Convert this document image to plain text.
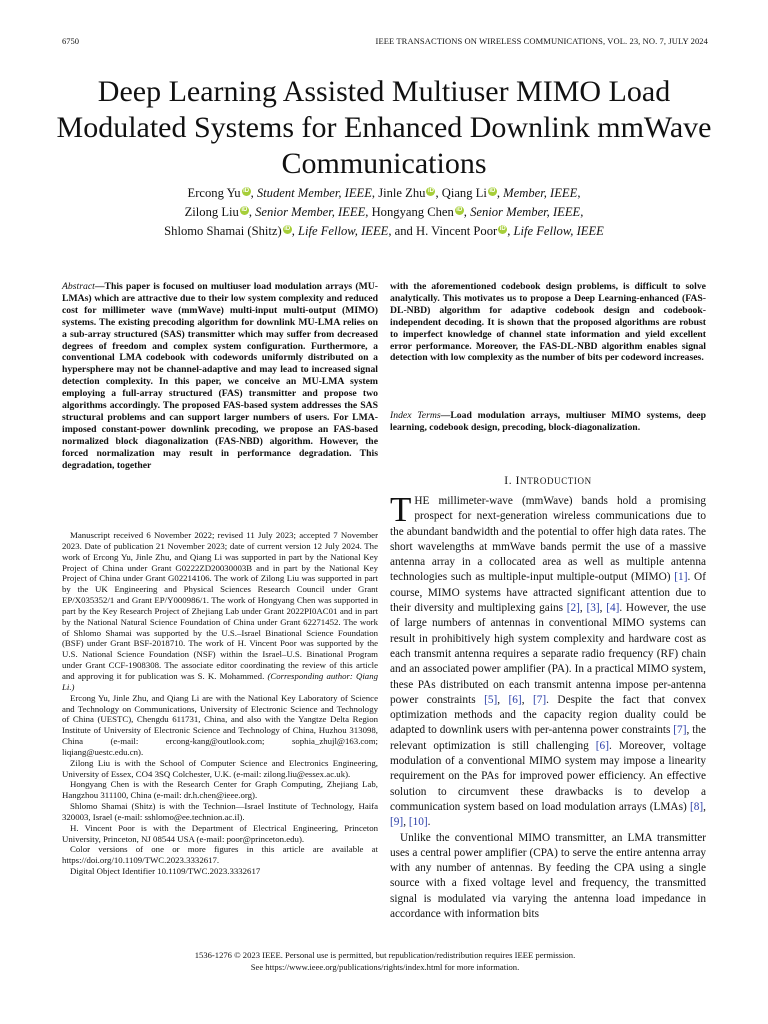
6750	IEEE TRANSACTIONS ON WIRELESS COMMUNICATIONS, VOL. 23, NO. 7, JULY 2024
Deep Learning Assisted Multiuser MIMO Load Modulated Systems for Enhanced Downlink mmWave Communications
Ercong Yu iD , Student Member, IEEE, Jinle Zhu iD , Qiang Li iD , Member, IEEE,
Zilong Liu iD , Senior Member, IEEE, Hongyang Chen iD , Senior Member, IEEE,
Shlomo Shamai (Shitz) iD , Life Fellow, IEEE, and H. Vincent Poor iD , Life Fellow, IEEE
Abstract—This paper is focused on multiuser load modulation arrays (MU-LMAs) which are attractive due to their low system complexity and reduced cost for millimeter wave (mmWave) multi-input multi-output (MIMO) systems. The existing precoding algorithm for downlink MU-LMA relies on a sub-array structured (SAS) transmitter which may suffer from decreased degrees of freedom and complex system configuration. Furthermore, a conventional LMA codebook with codewords uniformly distributed on a hypersphere may not be channel-adaptive and may lead to increased signal detection complexity. In this paper, we conceive an MU-LMA system employing a full-array structured (FAS) transmitter and propose two algorithms accordingly. The proposed FAS-based system addresses the SAS structural problems and can support larger numbers of users. For LMA-imposed constant-power downlink precoding, we propose an FAS-based normalized block diagonalization (FAS-NBD) algorithm. However, the forced normalization may result in performance degradation. This degradation, together
with the aforementioned codebook design problems, is difficult to solve analytically. This motivates us to propose a Deep Learning-enhanced (FAS-DL-NBD) algorithm for adaptive codebook design and codebook-independent decoding. It is shown that the proposed algorithms are robust to imperfect knowledge of channel state information and yield excellent error performance. Moreover, the FAS-DL-NBD algorithm enables signal detection with low complexity as the number of bits per codeword increases.
Index Terms—Load modulation arrays, multiuser MIMO systems, deep learning, codebook design, precoding, block-diagonalization.
I. INTRODUCTION

THE millimeter-wave (mmWave) bands hold a promising prospect for next-generation wireless communications due to the abundant bandwidth and the potential to offer high data rates. The short wavelengths at mmWave bands permit the use of a massive antenna array in a collocated area as well as multiple antenna technologies such as multiple-input multiple-output (MIMO) [1]. Of course, MIMO systems have attracted significant attention due to their diversity and multiplexing gains [2], [3], [4]. However, the use of large numbers of antennas in conventional MIMO systems can result in prohibitively high system complexity and hardware cost as each transmit antenna requires a separate radio frequency (RF) chain and an associated power amplifier (PA). In a practical MIMO system, these PAs distributed on each transmit antenna impose per-antenna power constraints [5], [6], [7]. Despite the fact that convex optimization methods and the capacity region duality could be adapted to downlink users with per-antenna power constraints [7], the relevant optimization is still challenging [6]. Moreover, voltage modulation of a conventional MIMO system may impose a linearity requirement on the PAs for improved power efficiency. An effective solution to circumvent these drawbacks is to develop a communication system based on load modulation arrays (LMAs) [8], [9], [10].

Unlike the conventional MIMO transmitter, an LMA transmitter uses a central power amplifier (CPA) to serve the entire antenna array with any number of antennas. By feeding the CPA using a single source with a fixed voltage level and frequency, the transmitted signal is modulated via varying the antenna load impedance in accordance with information bits

Manuscript received 6 November 2022; revised 11 July 2023; accepted 7 November 2023. Date of publication 21 November 2023; date of current version 12 July 2024. The work of Ercong Yu, Jinle Zhu, and Qiang Li was supported in part by the National Key Project of China under Grant G0222ZD20030003B and in part by the National Key Project of China under Grant G02214106. The work of Zilong Liu was supported in part by the UK Engineering and Physical Sciences Research Council under Grant EP/X035352/1 and Grant EP/Y000986/1. The work of Hongyang Chen was supported in part by the Key Research Project of Zhejiang Lab under Grant 2022PI0AC01 and in part by the National Natural Science Foundation of China under Grant 62271452. The work of Shlomo Shamai was supported by the U.S.–Israel Binational Science Foundation (BSF) under Grant BSF-2018710. The work of H. Vincent Poor was supported by the U.S. National Science Foundation (NSF) within the Israel–U.S. Binational Program under Grant CCF-1908308. The associate editor coordinating the review of this article and approving it for publication was S. K. Mohammed. (Corresponding author: Qiang Li.)

Ercong Yu, Jinle Zhu, and Qiang Li are with the National Key Laboratory of Science and Technology on Communications, University of Electronic Science and Technology of China (UESTC), Chengdu 611731, China, and also with the Yangtze Delta Region Institute of University of Electronic Science and Technology of China, Huzhou 313098, China (e-mail: ercong-kang@outlook.com; sophia_zhujl@163.com; liqiang@uestc.edu.cn).

Zilong Liu is with the School of Computer Science and Electronics Engineering, University of Essex, CO4 3SQ Colchester, U.K. (e-mail: zilong.liu@essex.ac.uk).

Hongyang Chen is with the Research Center for Graph Computing, Zhejiang Lab, Hangzhou 311100, China (e-mail: dr.h.chen@ieee.org).

Shlomo Shamai (Shitz) is with the Technion—Israel Institute of Technology, Haifa 320003, Israel (e-mail: sshlomo@ee.technion.ac.il).

H. Vincent Poor is with the Department of Electrical Engineering, Princeton University, Princeton, NJ 08544 USA (e-mail: poor@princeton.edu).

Color versions of one or more figures in this article are available at https://doi.org/10.1109/TWC.2023.3332617.

Digital Object Identifier 10.1109/TWC.2023.3332617

1536-1276 © 2023 IEEE. Personal use is permitted, but republication/redistribution requires IEEE permission.
See https://www.ieee.org/publications/rights/index.html for more information.
